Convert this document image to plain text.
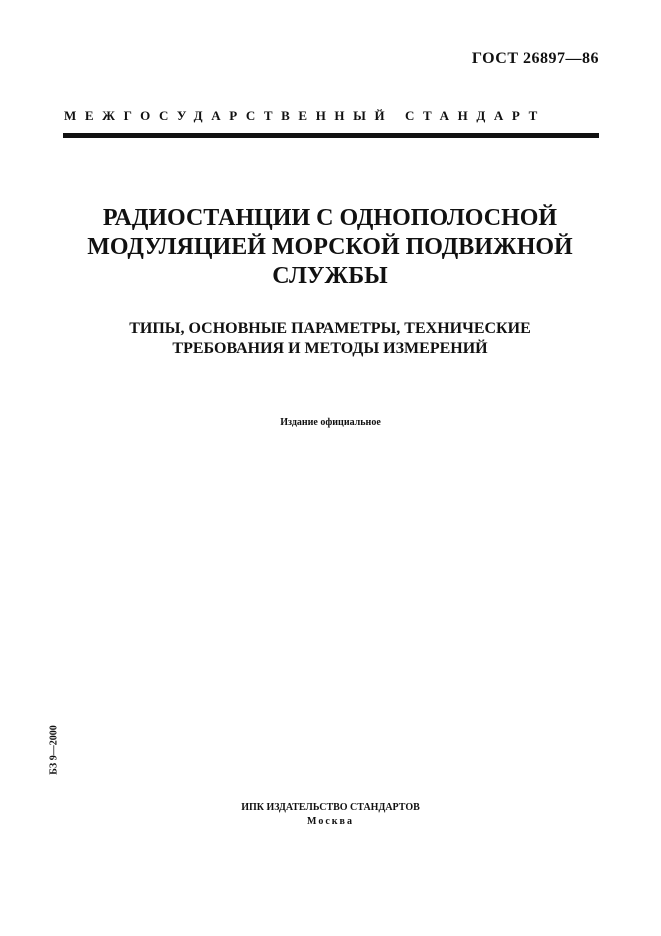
ГОСТ 26897—86
МЕЖГОСУДАРСТВЕННЫЙ СТАНДАРТ
РАДИОСТАНЦИИ С ОДНОПОЛОСНОЙ
МОДУЛЯЦИЕЙ МОРСКОЙ ПОДВИЖНОЙ
СЛУЖБЫ
ТИПЫ, ОСНОВНЫЕ ПАРАМЕТРЫ, ТЕХНИЧЕСКИЕ
ТРЕБОВАНИЯ И МЕТОДЫ ИЗМЕРЕНИЙ
Издание официальное
БЗ 9—2000
ИПК ИЗДАТЕЛЬСТВО СТАНДАРТОВ
Москва
